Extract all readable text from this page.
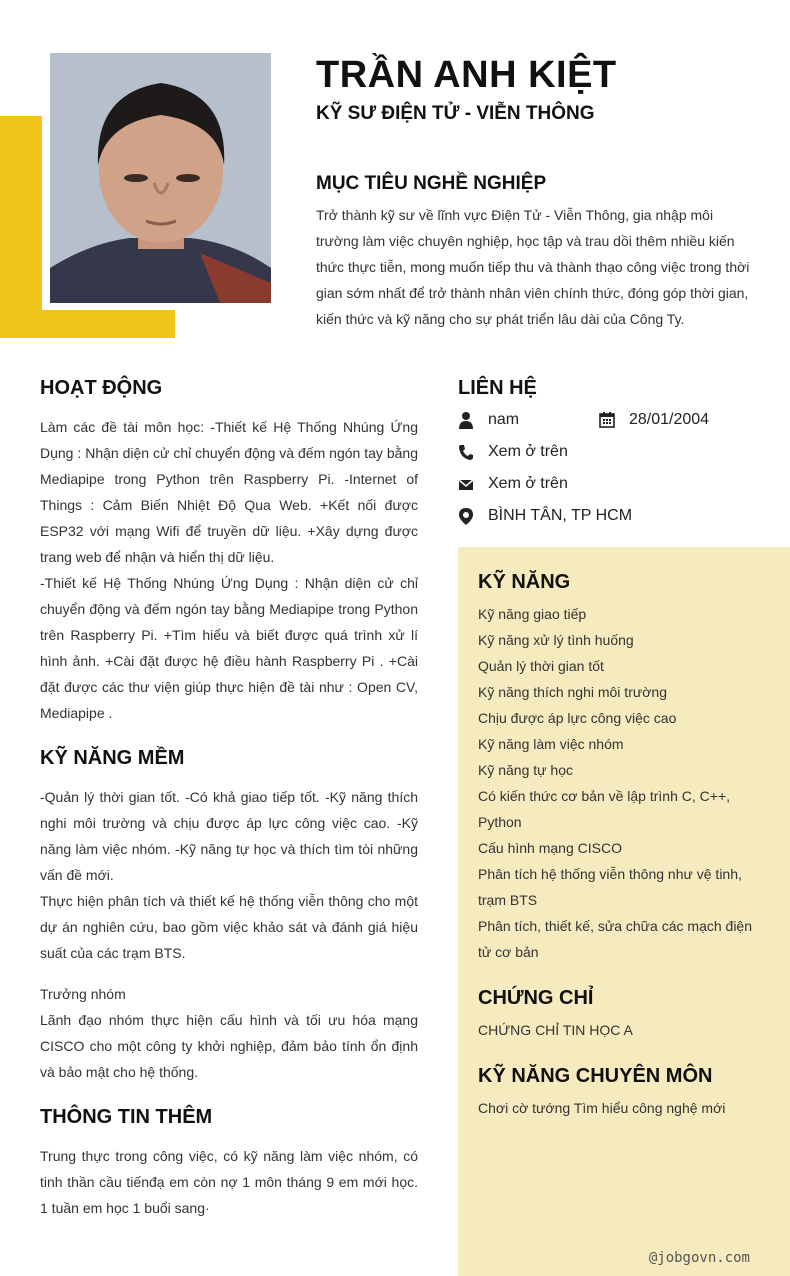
TRẦN ANH KIỆT
KỸ SƯ ĐIỆN TỬ - VIỄN THÔNG
MỤC TIÊU NGHỀ NGHIỆP
Trở thành kỹ sư về lĩnh vực Điện Tử - Viễn Thông, gia nhập môi trường làm việc chuyên nghiệp, học tập và trau dồi thêm nhiều kiến thức thực tiễn, mong muốn tiếp thu và thành thạo công việc trong thời gian sớm nhất để trở thành nhân viên chính thức, đóng góp thời gian, kiến thức và kỹ năng cho sự phát triển lâu dài của Công Ty.
HOẠT ĐỘNG
Làm các đề tài môn học: -Thiết kế Hệ Thống Nhúng Ứng Dụng : Nhận diện cử chỉ chuyển động và đếm ngón tay bằng Mediapipe trong Python trên Raspberry Pi. -Internet of Things : Cảm Biến Nhiệt Độ Qua Web. +Kết nối được ESP32 với mạng Wifi để truyền dữ liệu. +Xây dựng được trang web để nhận và hiển thị dữ liệu.
-Thiết kế Hệ Thống Nhúng Ứng Dụng : Nhận diện cử chỉ chuyển động và đếm ngón tay bằng Mediapipe trong Python trên Raspberry Pi. +Tìm hiểu và biết được quá trình xử lí hình ảnh. +Cài đặt được hệ điều hành Raspberry Pi . +Cài đặt được các thư viện giúp thực hiện đề tài như : Open CV, Mediapipe .
KỸ NĂNG MỀM
-Quản lý thời gian tốt. -Có khả giao tiếp tốt. -Kỹ năng thích nghi môi trường và chịu được áp lực công việc cao. -Kỹ năng làm việc nhóm. -Kỹ năng tự học và thích tìm tòi những vấn đề mới.
Thực hiện phân tích và thiết kế hệ thống viễn thông cho một dự án nghiên cứu, bao gồm việc khảo sát và đánh giá hiệu suất của các trạm BTS.
Trưởng nhóm
Lãnh đạo nhóm thực hiện cấu hình và tối ưu hóa mạng CISCO cho một công ty khởi nghiệp, đảm bảo tính ổn định và bảo mật cho hệ thống.
THÔNG TIN THÊM
Trung thực trong công việc, có kỹ năng làm việc nhóm, có tinh thần cầu tiếnđạ em còn nợ 1 môn tháng 9 em mới học. 1 tuần em học 1 buổi sang·
LIÊN HỆ
nam	28/01/2004
Xem ở trên
Xem ở trên
BÌNH TÂN, TP HCM
KỸ NĂNG
Kỹ năng giao tiếp
Kỹ năng xử lý tình huống
Quản lý thời gian tốt
Kỹ năng thích nghi môi trường
Chịu được áp lực công việc cao
Kỹ năng làm việc nhóm
Kỹ năng tự học
Có kiến thức cơ bản về lập trình C, C++, Python
Cấu hình mạng CISCO
Phân tích hệ thống viễn thông như vệ tinh, trạm BTS
Phân tích, thiết kế, sửa chữa các mạch điện tử cơ bản
CHỨNG CHỈ
CHỨNG CHỈ TIN HỌC A
KỸ NĂNG CHUYÊN MÔN
Chơi cờ tướng Tìm hiểu công nghệ mới
@jobgovn.com
